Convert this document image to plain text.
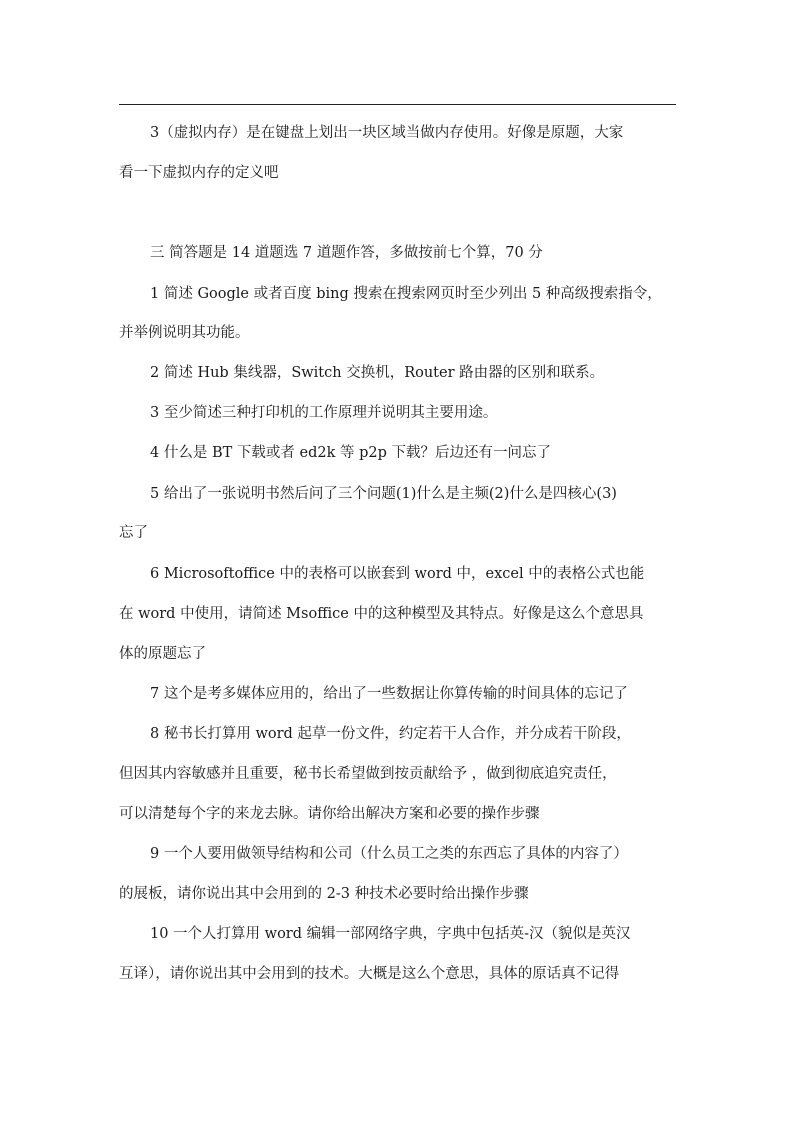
3（虚拟内存）是在键盘上划出一块区域当做内存使用。好像是原题，大家
看一下虚拟内存的定义吧
三 简答题是 14 道题选 7 道题作答，多做按前七个算，70 分
1 简述 Google 或者百度 bing 搜索在搜索网页时至少列出 5 种高级搜索指令，
并举例说明其功能。
2 简述 Hub 集线器，Switch 交换机，Router 路由器的区别和联系。
3 至少简述三种打印机的工作原理并说明其主要用途。
4 什么是 BT 下载或者 ed2k 等 p2p 下载？后边还有一问忘了
5 给出了一张说明书然后问了三个问题(1)什么是主频(2)什么是四核心(3)
忘了
6 Microsoftoffice 中的表格可以嵌套到 word 中，excel 中的表格公式也能
在 word 中使用，请简述 Msoffice 中的这种模型及其特点。好像是这么个意思具
体的原题忘了
7 这个是考多媒体应用的，给出了一些数据让你算传输的时间具体的忘记了
8 秘书长打算用 word 起草一份文件，约定若干人合作，并分成若干阶段，
但因其内容敏感并且重要，秘书长希望做到按贡献给予 ，做到彻底追究责任，
可以清楚每个字的来龙去脉。请你给出解决方案和必要的操作步骤
9 一个人要用做领导结构和公司（什么员工之类的东西忘了具体的内容了）
的展板，请你说出其中会用到的 2-3 种技术必要时给出操作步骤
10 一个人打算用 word 编辑一部网络字典，字典中包括英-汉（貌似是英汉
互译），请你说出其中会用到的技术。大概是这么个意思，具体的原话真不记得
